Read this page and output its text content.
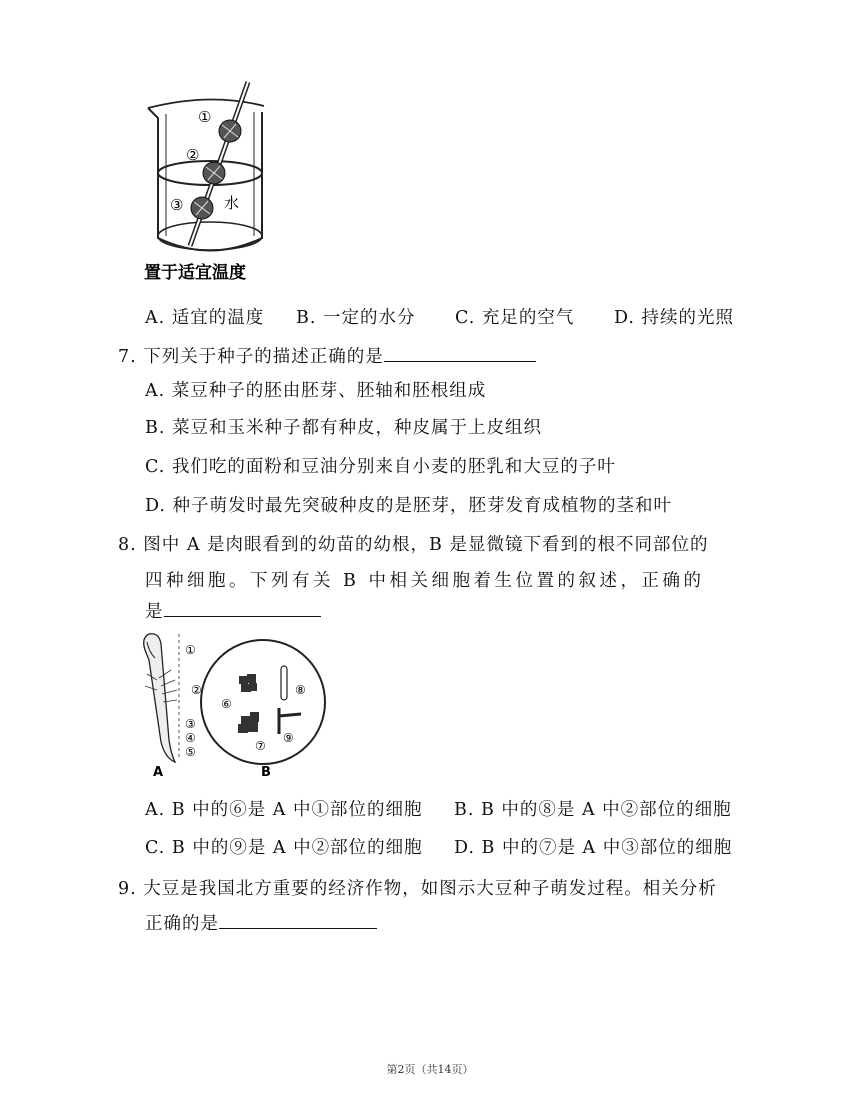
①
②
③	水
置于适宜温度
A. 适宜的温度 B. 一定的水分 C. 充足的空气 D. 持续的光照
7. 下列关于种子的描述正确的是
A. 菜豆种子的胚由胚芽、胚轴和胚根组成
B. 菜豆和玉米种子都有种皮，种皮属于上皮组织
C. 我们吃的面粉和豆油分别来自小麦的胚乳和大豆的子叶
D. 种子萌发时最先突破种皮的是胚芽，胚芽发育成植物的茎和叶
8. 图中 A 是肉眼看到的幼苗的幼根，B 是显微镜下看到的根不同部位的
四种细胞。下列有关 B 中相关细胞着生位置的叙述，正确的
是
①
②
③
④
⑤
A
⑥
⑦
⑧
⑨
B
A. B 中的⑥是 A 中①部位的细胞 B. B 中的⑧是 A 中②部位的细胞
C. B 中的⑨是 A 中②部位的细胞 D. B 中的⑦是 A 中③部位的细胞
9. 大豆是我国北方重要的经济作物，如图示大豆种子萌发过程。相关分析
正确的是
第2页（共14页）
